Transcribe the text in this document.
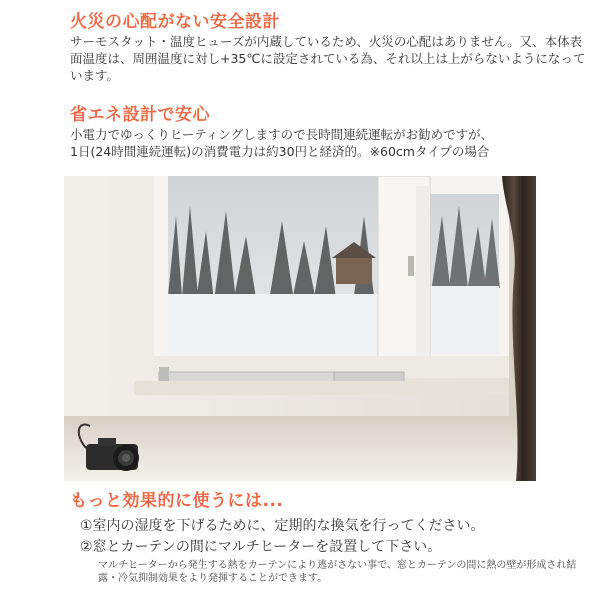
火災の心配がない安全設計
サーモスタット・温度ヒューズが内蔵しているため、火災の心配はありません。又、本体表面温度は、周囲温度に対し+35℃に設定されている為、それ以上は上がらないようになっています。
省エネ設計で安心
小電力でゆっくりヒーティングしますので長時間連続運転がお勧めですが、
1日(24時間連続運転)の消費電力は約30円と経済的。※60cmタイプの場合
もっと効果的に使うには...
①室内の湿度を下げるために、定期的な換気を行ってください。
②窓とカーテンの間にマルチヒーターを設置して下さい。
マルチヒーターから発生する熱をカーテンにより逃がさない事で、窓とカーテンの間に熱の壁が形成され結露・冷気抑制効果をより発揮することができます。
